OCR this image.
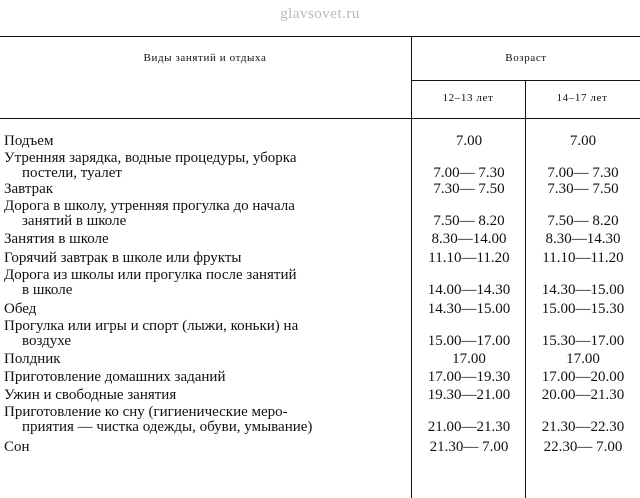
glavsovet.ru
Виды занятий и отдыха	Возраст
12–13 лет	14–17 лет
Подъем	7.00	7.00
Утренняя зарядка, водные процедуры, уборка
постели, туалет	7.00— 7.30	7.00— 7.30
Завтрак	7.30— 7.50	7.30— 7.50
Дорога в школу, утренняя прогулка до начала
занятий в школе	7.50— 8.20	7.50— 8.20
Занятия в школе	8.30—14.00	8.30—14.30
Горячий завтрак в школе или фрукты	11.10—11.20	11.10—11.20
Дорога из школы или прогулка после занятий
в школе	14.00—14.30	14.30—15.00
Обед	14.30—15.00	15.00—15.30
Прогулка или игры и спорт (лыжи, коньки) на
воздухе	15.00—17.00	15.30—17.00
Полдник	17.00	17.00
Приготовление домашних заданий	17.00—19.30	17.00—20.00
Ужин и свободные занятия	19.30—21.00	20.00—21.30
Приготовление ко сну (гигиенические меро-
приятия — чистка одежды, обуви, умывание)	21.00—21.30	21.30—22.30
Сон	21.30— 7.00	22.30— 7.00
